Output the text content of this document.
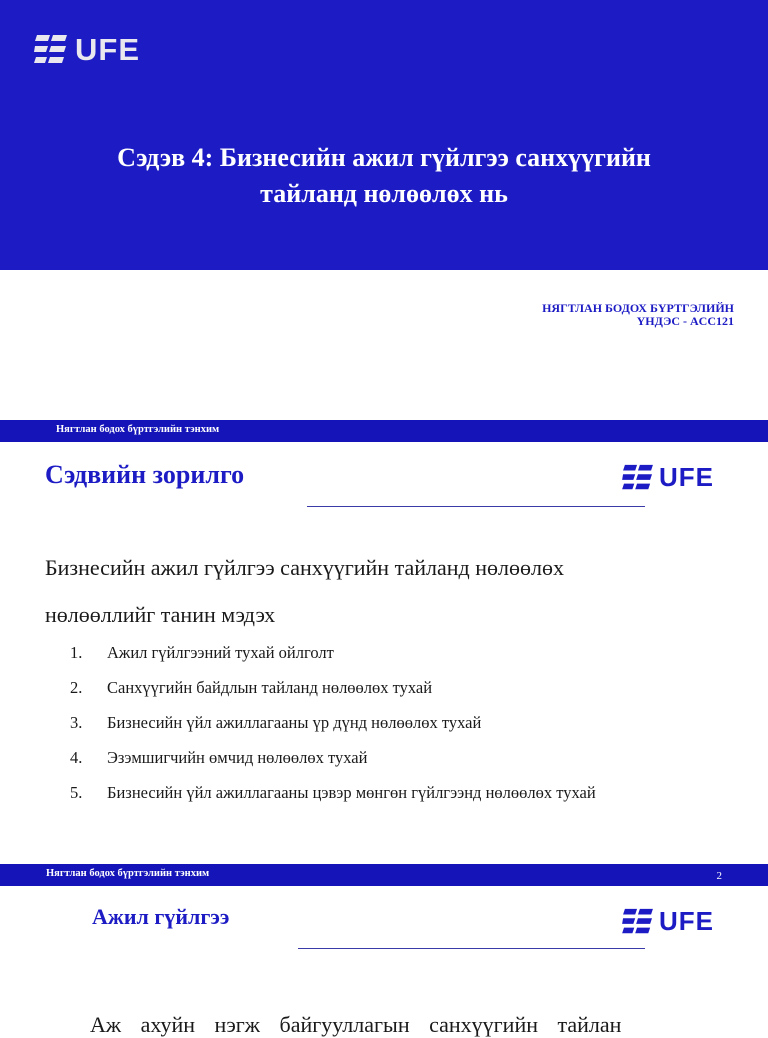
UFE
Сэдэв 4: Бизнесийн ажил гүйлгээ санхүүгийн
тайланд нөлөөлөх нь
НЯГТЛАН БОДОХ БҮРТГЭЛИЙН
ҮНДЭС - ACC121
Нягтлан бодох бүртгэлийн тэнхим
Сэдвийн зорилго	UFE
Бизнесийн ажил гүйлгээ санхүүгийн тайланд нөлөөлөх
нөлөөллийг танин мэдэх
1.	Ажил гүйлгээний тухай ойлголт
2.	Санхүүгийн байдлын тайланд нөлөөлөх тухай
3.	Бизнесийн үйл ажиллагааны үр дүнд нөлөөлөх тухай
4.	Эзэмшигчийн өмчид нөлөөлөх тухай
5.	Бизнесийн үйл ажиллагааны цэвэр мөнгөн гүйлгээнд нөлөөлөх тухай
Нягтлан бодох бүртгэлийн тэнхим	2
Ажил гүйлгээ	UFE
Аж ахуйн нэгж байгууллагын санхүүгийн тайлан
